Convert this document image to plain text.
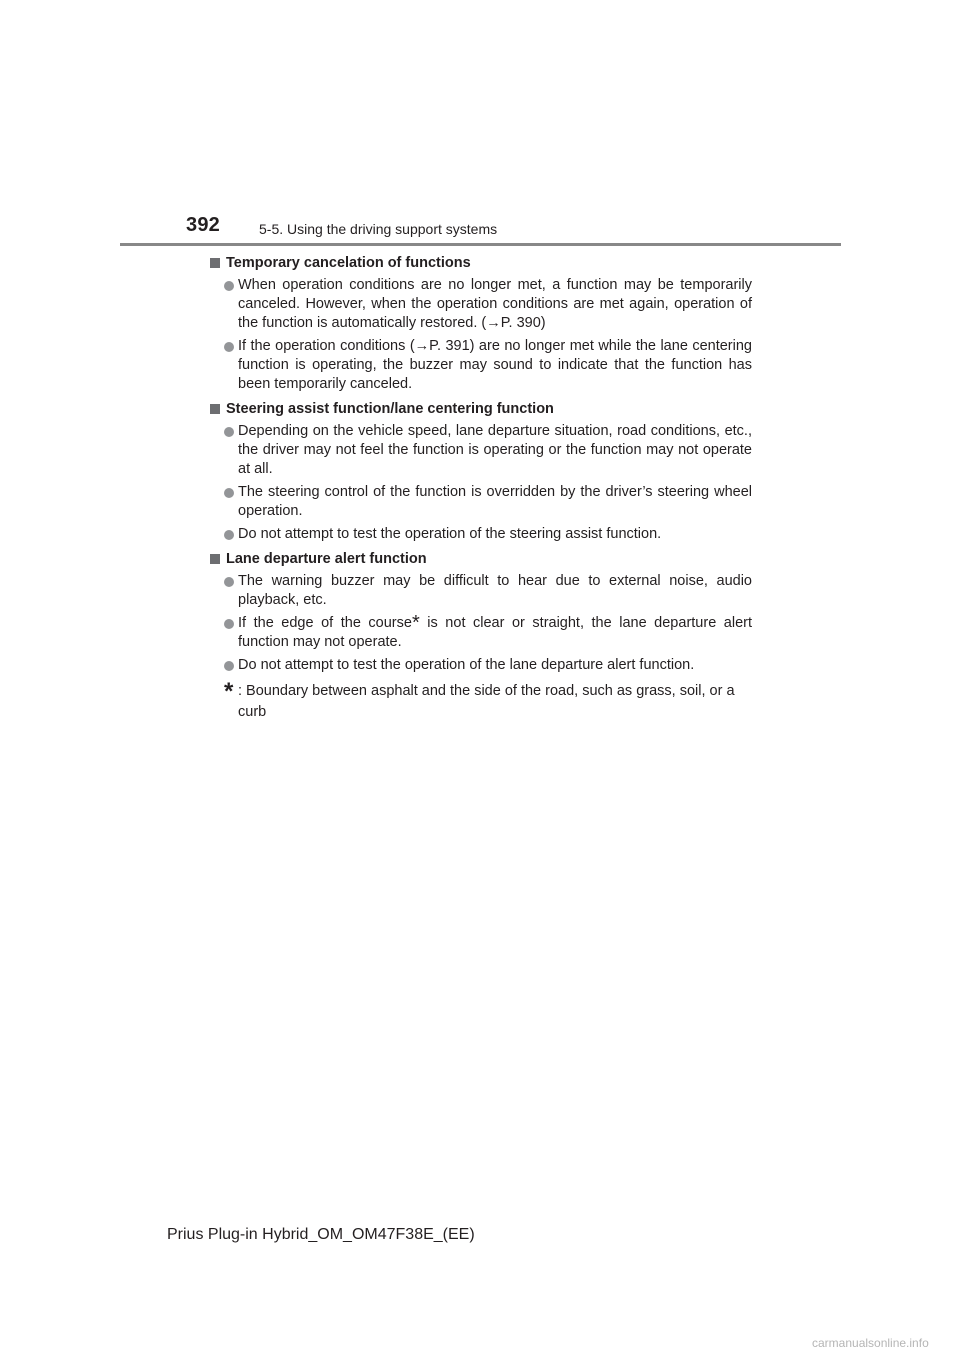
392	5-5. Using the driving support systems
Temporary cancelation of functions
When operation conditions are no longer met, a function may be temporarily canceled. However, when the operation conditions are met again, operation of the function is automatically restored. (→P. 390)
If the operation conditions (→P. 391) are no longer met while the lane centering function is operating, the buzzer may sound to indicate that the function has been temporarily canceled.
Steering assist function/lane centering function
Depending on the vehicle speed, lane departure situation, road conditions, etc., the driver may not feel the function is operating or the function may not operate at all.
The steering control of the function is overridden by the driver’s steering wheel operation.
Do not attempt to test the operation of the steering assist function.
Lane departure alert function
The warning buzzer may be difficult to hear due to external noise, audio playback, etc.
If the edge of the course* is not clear or straight, the lane departure alert function may not operate.
Do not attempt to test the operation of the lane departure alert function.
* : Boundary between asphalt and the side of the road, such as grass, soil, or a curb
Prius Plug-in Hybrid_OM_OM47F38E_(EE)
carmanualsonline.info
